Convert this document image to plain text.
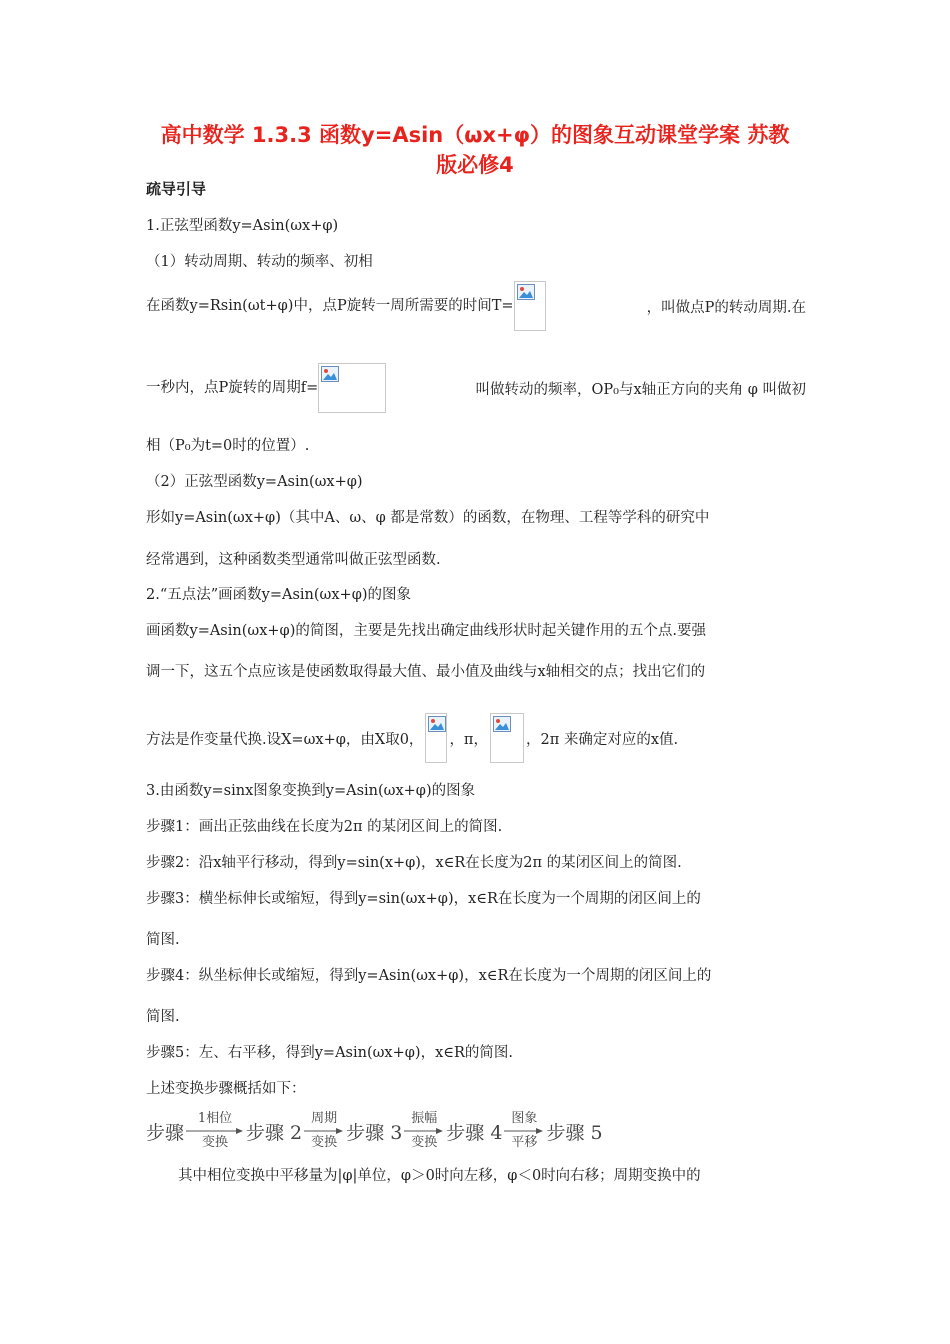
高中数学 1.3.3 函数y=Asin（ωx+φ）的图象互动课堂学案 苏教
版必修4
疏导引导
1.正弦型函数y=Asin(ωx+φ)
（1）转动周期、转动的频率、初相
在函数y=Rsin(ωt+φ)中，点P旋转一周所需要的时间T=	，叫做点P的转动周期.在
一秒内，点P旋转的周期f=	叫做转动的频率，OP₀与x轴正方向的夹角 φ 叫做初
相（P₀为t=0时的位置）.
（2）正弦型函数y=Asin(ωx+φ)
形如y=Asin(ωx+φ)（其中A、ω、φ 都是常数）的函数，在物理、工程等学科的研究中
经常遇到，这种函数类型通常叫做正弦型函数.
2.“五点法”画函数y=Asin(ωx+φ)的图象
画函数y=Asin(ωx+φ)的简图，主要是先找出确定曲线形状时起关键作用的五个点.要强
调一下，这五个点应该是使函数取得最大值、最小值及曲线与x轴相交的点；找出它们的
方法是作变量代换.设X=ωx+φ，由X取0， ，π，	，2π 来确定对应的x值.
3.由函数y=sinx图象变换到y=Asin(ωx+φ)的图象
步骤1：画出正弦曲线在长度为2π 的某闭区间上的简图.
步骤2：沿x轴平行移动，得到y=sin(x+φ)，x∈R在长度为2π 的某闭区间上的简图.
步骤3：横坐标伸长或缩短，得到y=sin(ωx+φ)，x∈R在长度为一个周期的闭区间上的
简图.
步骤4：纵坐标伸长或缩短，得到y=Asin(ωx+φ)，x∈R在长度为一个周期的闭区间上的
简图.
步骤5：左、右平移，得到y=Asin(ωx+φ)，x∈R的简图.
上述变换步骤概括如下：
步骤
1相位
变换 步骤 2
周期
变换 步骤 3
振幅
变换 步骤 4
图象
平移 步骤 5
其中相位变换中平移量为|φ|单位，φ＞0时向左移，φ＜0时向右移；周期变换中的
